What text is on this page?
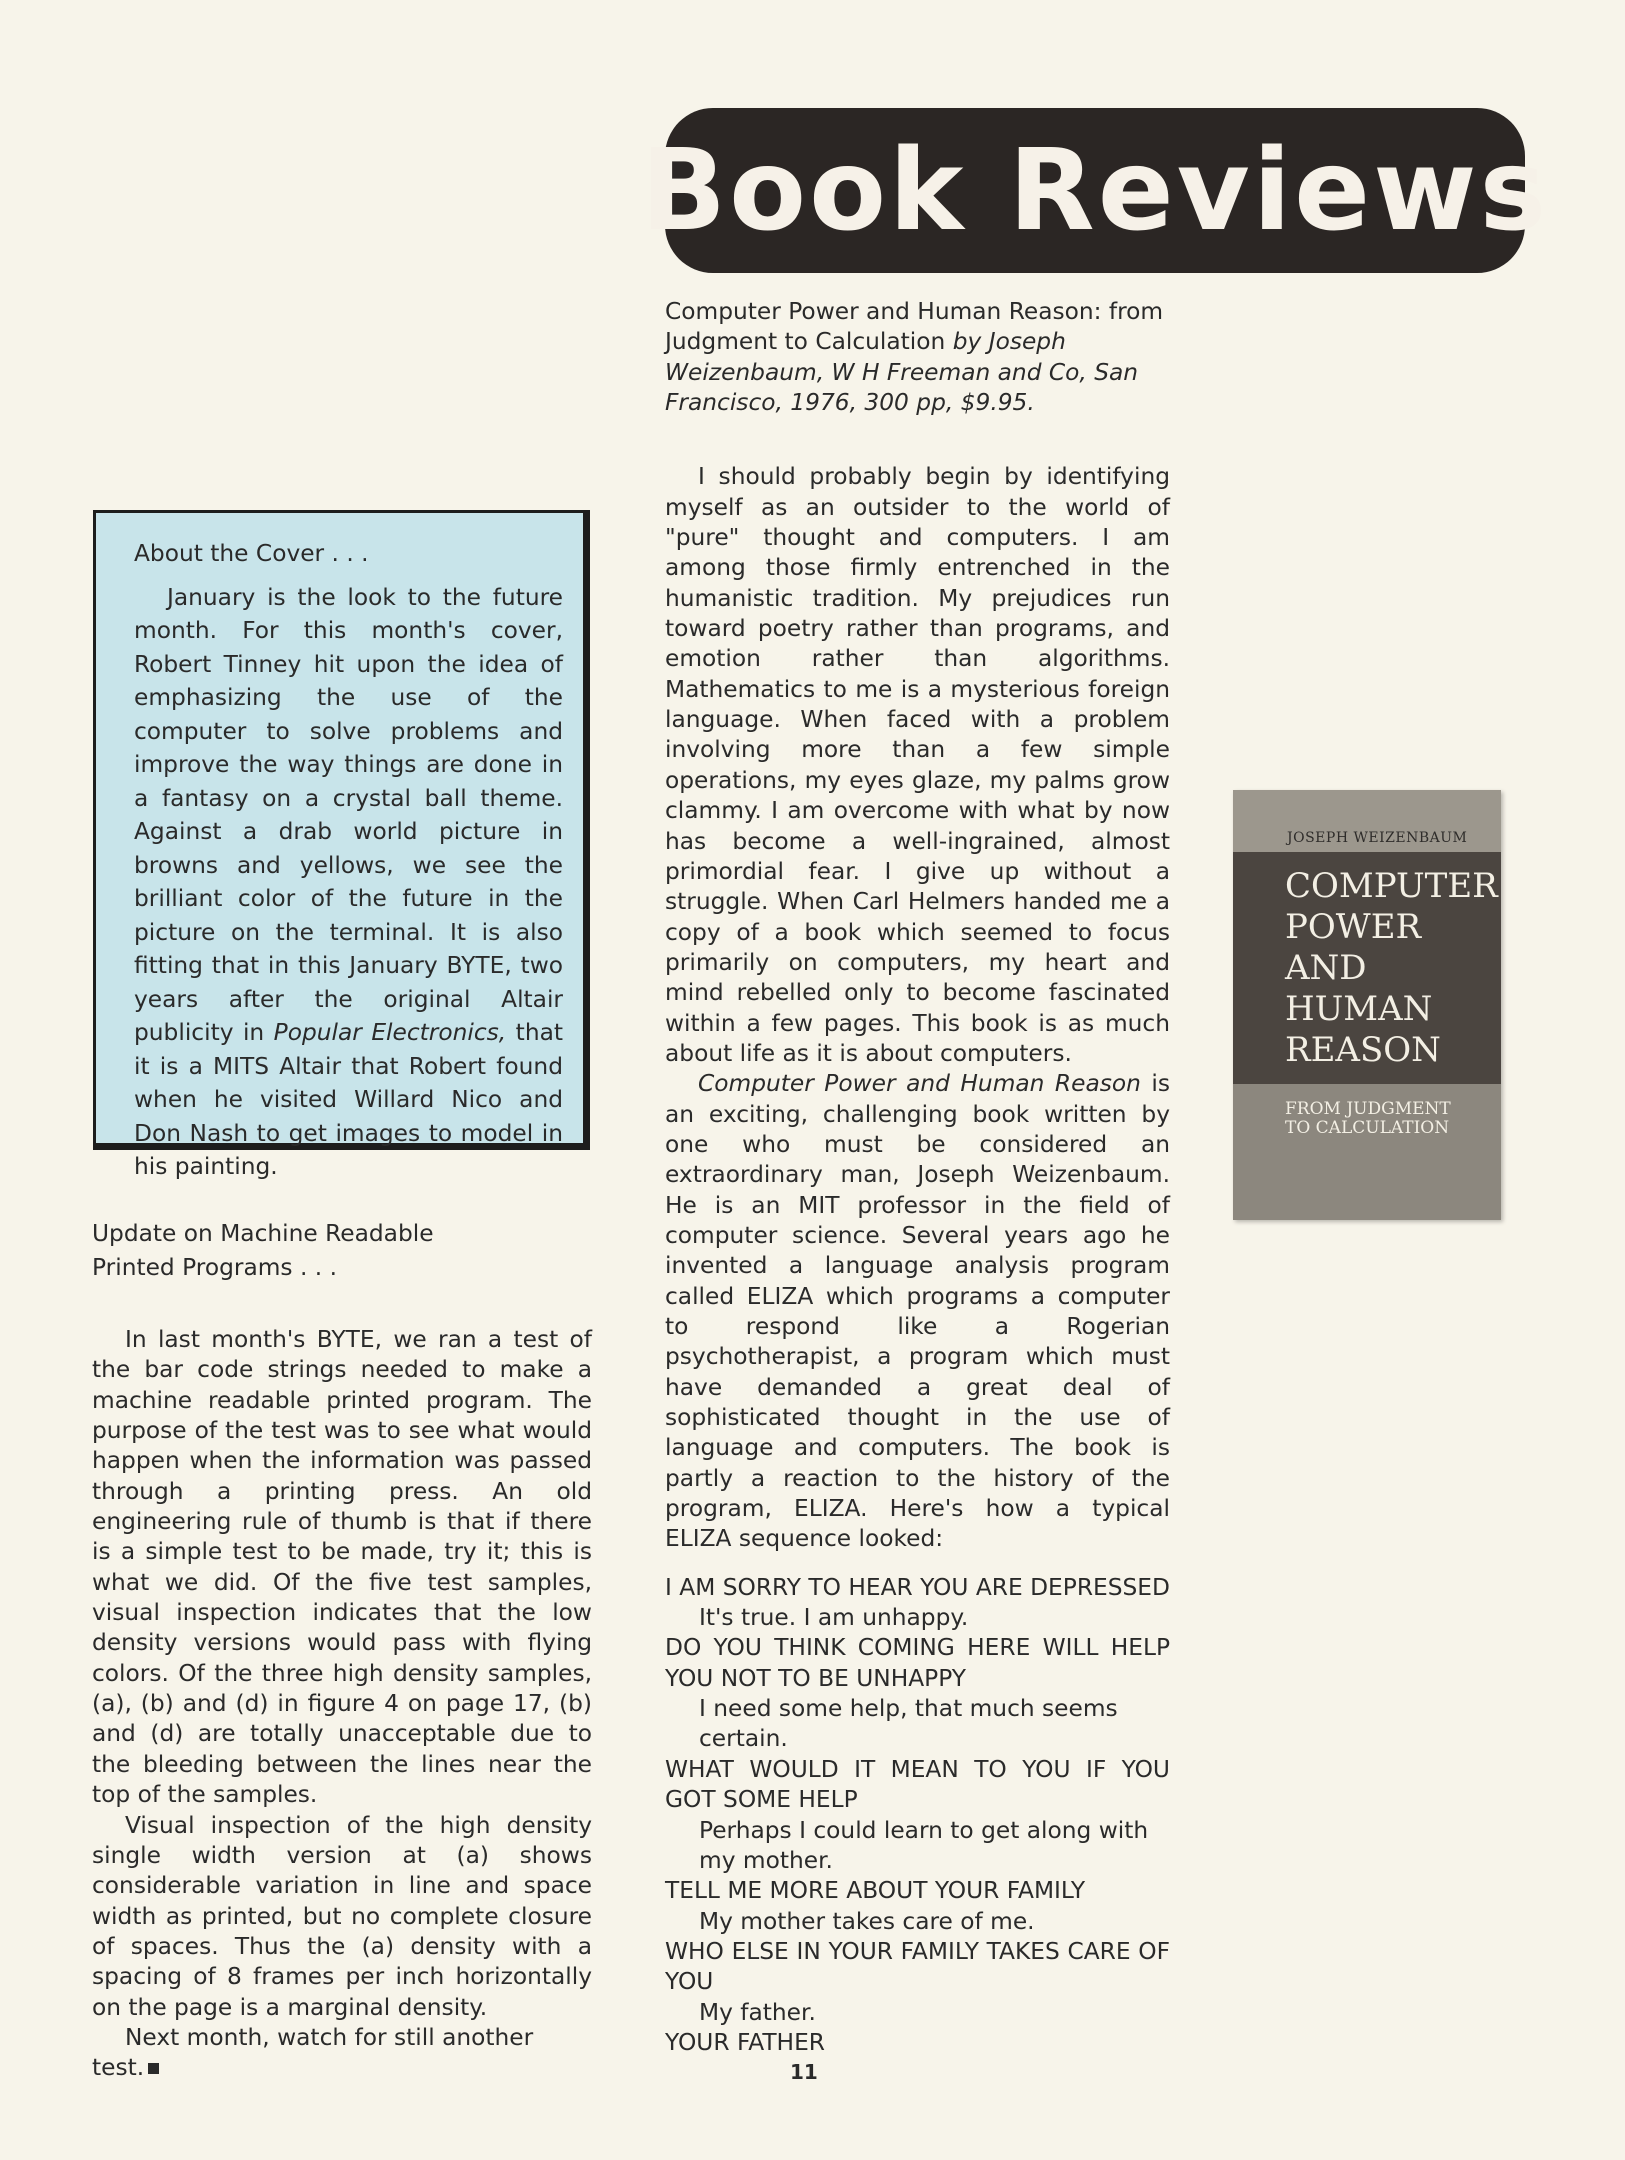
Book Reviews

Computer Power and Human Reason: from Judgment to Calculation by Joseph Weizenbaum, W H Freeman and Co, San Francisco, 1976, 300 pp, $9.95.

I should probably begin by identifying myself as an outsider to the world of "pure" thought and computers. I am among those firmly entrenched in the humanistic tradition. My prejudices run toward poetry rather than programs, and emotion rather than algorithms. Mathematics to me is a mysterious foreign language. When faced with a problem involving more than a few simple operations, my eyes glaze, my palms grow clammy. I am overcome with what by now has become a well-ingrained, almost primordial fear. I give up without a struggle. When Carl Helmers handed me a copy of a book which seemed to focus primarily on computers, my heart and mind rebelled only to become fascinated within a few pages. This book is as much about life as it is about computers.

Computer Power and Human Reason is an exciting, challenging book written by one who must be considered an extraordinary man, Joseph Weizenbaum. He is an MIT professor in the field of computer science. Several years ago he invented a language analysis program called ELIZA which programs a computer to respond like a Rogerian psychotherapist, a program which must have demanded a great deal of sophisticated thought in the use of language and computers. The book is partly a reaction to the history of the program, ELIZA. Here's how a typical ELIZA sequence looked:

I AM SORRY TO HEAR YOU ARE DEPRESSED

It's true. I am unhappy.

DO YOU THINK COMING HERE WILL HELP YOU NOT TO BE UNHAPPY

I need some help, that much seems certain.

WHAT WOULD IT MEAN TO YOU IF YOU GOT SOME HELP

Perhaps I could learn to get along with my mother.

TELL ME MORE ABOUT YOUR FAMILY

My mother takes care of me.

WHO ELSE IN YOUR FAMILY TAKES CARE OF YOU

My father.

YOUR FATHER

About the Cover . . .

January is the look to the future month. For this month's cover, Robert Tinney hit upon the idea of emphasizing the use of the computer to solve problems and improve the way things are done in a fantasy on a crystal ball theme. Against a drab world picture in browns and yellows, we see the brilliant color of the future in the picture on the terminal. It is also fitting that in this January BYTE, two years after the original Altair publicity in Popular Electronics, that it is a MITS Altair that Robert found when he visited Willard Nico and Don Nash to get images to model in his painting.

Update on Machine Readable
Printed Programs . . .

In last month's BYTE, we ran a test of the bar code strings needed to make a machine readable printed program. The purpose of the test was to see what would happen when the information was passed through a printing press. An old engineering rule of thumb is that if there is a simple test to be made, try it; this is what we did. Of the five test samples, visual inspection indicates that the low density versions would pass with flying colors. Of the three high density samples, (a), (b) and (d) in figure 4 on page 17, (b) and (d) are totally unacceptable due to the bleeding between the lines near the top of the samples.

Visual inspection of the high density single width version at (a) shows considerable variation in line and space width as printed, but no complete closure of spaces. Thus the (a) density with a spacing of 8 frames per inch horizontally on the page is a marginal density.

Next month, watch for still another test.

JOSEPH WEIZENBAUM
COMPUTER
POWER
AND
HUMAN
REASON
FROM JUDGMENT
TO CALCULATION
11
